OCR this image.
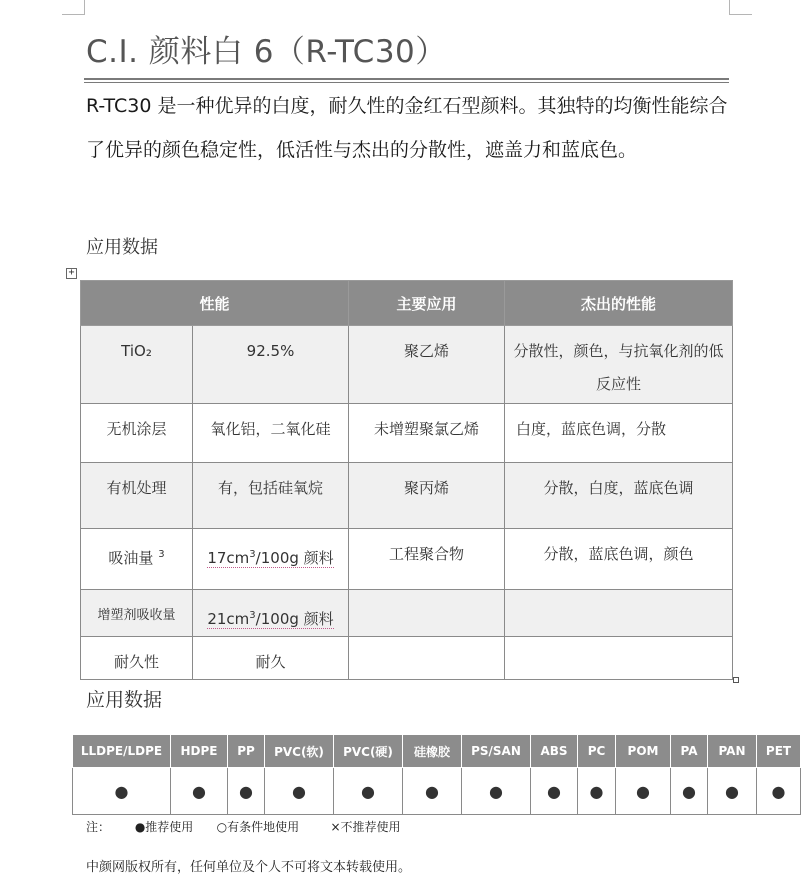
C.I. 颜料白 6（R-TC30）

R-TC30 是一种优异的白度，耐久性的金红石型颜料。其独特的均衡性能综合了优异的颜色稳定性，低活性与杰出的分散性，遮盖力和蓝底色。

应用数据
+
性能		主要应用	杰出的性能
TiO₂	92.5%	聚乙烯	分散性，颜色，与抗氧化剂的低反应性
无机涂层	氧化铝，二氧化硅	未增塑聚氯乙烯	白度，蓝底色调，分散
有机处理	有，包括硅氧烷	聚丙烯	分散，白度，蓝底色调
吸油量 $^3$	$17cm^3/100g$ 颜料	工程聚合物	分散，蓝底色调，颜色
增塑剂吸收量	$21cm^3/100g$ 颜料		
耐久性	耐久		
应用数据
LLDPE/LDPE	HDPE	PP	PVC(软)	PVC(硬)	硅橡胶	PS/SAN	ABS	PC	POM	PA	PAN	PET
●	●	●	●	●	●	●	●	●	●	●	●	●
注： ●推荐使用 ○有条件地使用	×不推荐使用
中颜网版权所有，任何单位及个人不可将文本转载使用。
